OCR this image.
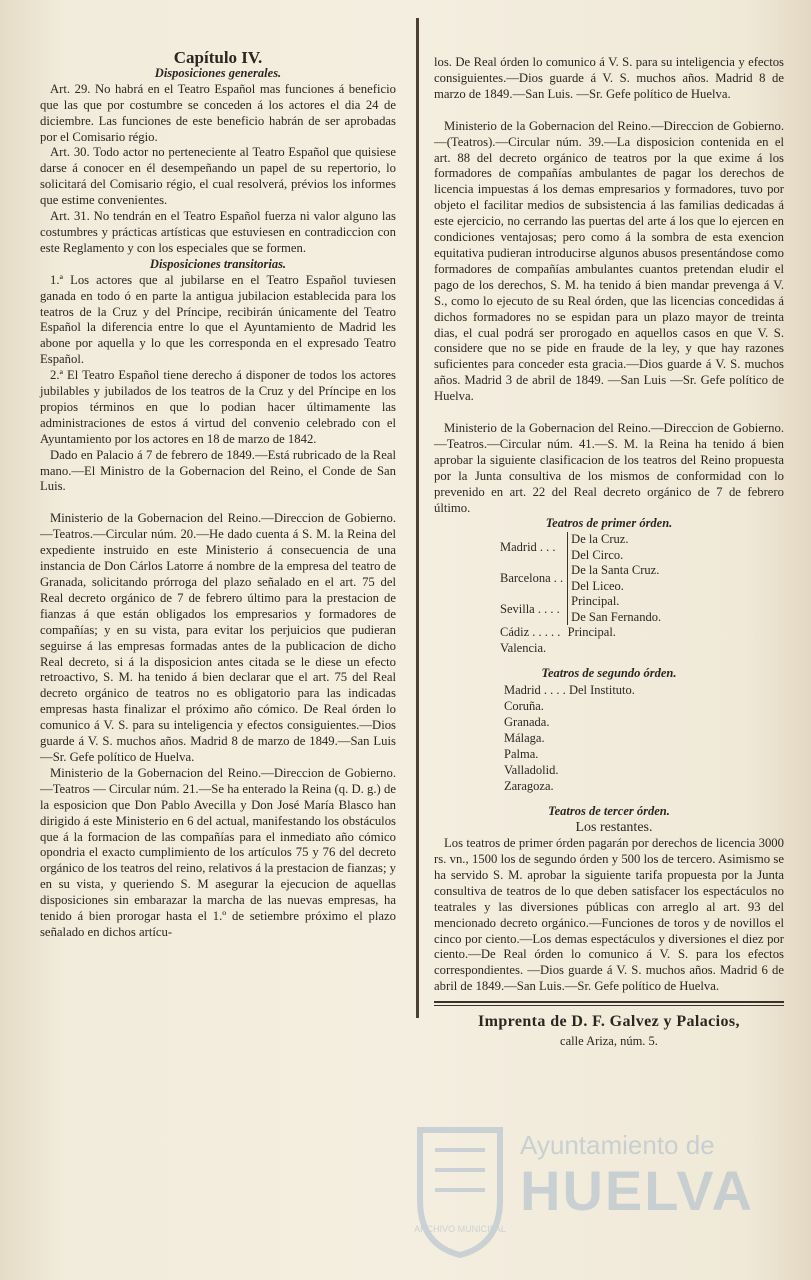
Capítulo IV.

Disposiciones generales.

Art. 29. No habrá en el Teatro Español mas funciones á beneficio que las que por costumbre se conceden á los actores el dia 24 de diciembre. Las funciones de este beneficio habrán de ser aprobadas por el Comisario régio.

Art. 30. Todo actor no perteneciente al Teatro Español que quisiese darse á conocer en él desempeñando un papel de su repertorio, lo solicitará del Comisario régio, el cual resolverá, prévios los informes que estime convenientes.

Art. 31. No tendrán en el Teatro Español fuerza ni valor alguno las costumbres y prácticas artísticas que estuviesen en contradiccion con este Reglamento y con los especiales que se formen.

Disposiciones transitorias.

1.ª Los actores que al jubilarse en el Teatro Español tuviesen ganada en todo ó en parte la antigua jubilacion establecida para los teatros de la Cruz y del Príncipe, recibirán únicamente del Teatro Español la diferencia entre lo que el Ayuntamiento de Madrid les abone por aquella y lo que les corresponda en el expresado Teatro Español.

2.ª El Teatro Español tiene derecho á disponer de todos los actores jubilables y jubilados de los teatros de la Cruz y del Príncipe en los propios términos en que lo podian hacer últimamente las administraciones de estos á virtud del convenio celebrado con el Ayuntamiento por los actores en 18 de marzo de 1842.

Dado en Palacio á 7 de febrero de 1849.—Está rubricado de la Real mano.—El Ministro de la Gobernacion del Reino, el Conde de San Luis.

Ministerio de la Gobernacion del Reino.—Direccion de Gobierno.—Teatros.—Circular núm. 20.—He dado cuenta á S. M. la Reina del expediente instruido en este Ministerio á consecuencia de una instancia de Don Cárlos Latorre á nombre de la empresa del teatro de Granada, solicitando prórroga del plazo señalado en el art. 75 del Real decreto orgánico de 7 de febrero último para la prestacion de fianzas á que están obligados los empresarios y formadores de compañías; y en su vista, para evitar los perjuicios que pudieran seguirse á las empresas formadas antes de la publicacion de dicho Real decreto, si á la disposicion antes citada se le diese un efecto retroactivo, S. M. ha tenido á bien declarar que el art. 75 del Real decreto orgánico de teatros no es obligatorio para las indicadas empresas hasta finalizar el próximo año cómico. De Real órden lo comunico á V. S. para su inteligencia y efectos consiguientes.—Dios guarde á V. S. muchos años. Madrid 8 de marzo de 1849.—San Luis —Sr. Gefe político de Huelva.

Ministerio de la Gobernacion del Reino.—Direccion de Gobierno.—Teatros — Circular núm. 21.—Se ha enterado la Reina (q. D. g.) de la esposicion que Don Pablo Avecilla y Don José María Blasco han dirigido á este Ministerio en 6 del actual, manifestando los obstáculos que á la formacion de las compañías para el inmediato año cómico opondria el exacto cumplimiento de los artículos 75 y 76 del decreto orgánico de los teatros del reino, relativos á la prestacion de fianzas; y en su vista, y queriendo S. M asegurar la ejecucion de aquellas disposiciones sin embarazar la marcha de las nuevas empresas, ha tenido á bien prorogar hasta el 1.º de setiembre próximo el plazo señalado en dichos artícu-

los. De Real órden lo comunico á V. S. para su inteligencia y efectos consiguientes.—Dios guarde á V. S. muchos años. Madrid 8 de marzo de 1849.—San Luis. —Sr. Gefe político de Huelva.

Ministerio de la Gobernacion del Reino.—Direccion de Gobierno.—(Teatros).—Circular núm. 39.—La disposicion contenida en el art. 88 del decreto orgánico de teatros por la que exime á los formadores de compañías ambulantes de pagar los derechos de licencia impuestas á los demas empresarios y formadores, tuvo por objeto el facilitar medios de subsistencia á las familias dedicadas á este ejercicio, no cerrando las puertas del arte á los que lo ejercen en condiciones ventajosas; pero como á la sombra de esta exencion equitativa pudieran introducirse algunos abusos presentándose como formadores de compañías ambulantes cuantos pretendan eludir el pago de los derechos, S. M. ha tenido á bien mandar prevenga á V. S., como lo ejecuto de su Real órden, que las licencias concedidas á dichos formadores no se espidan para un plazo mayor de treinta dias, el cual podrá ser prorogado en aquellos casos en que V. S. considere que no se pide en fraude de la ley, y que hay razones suficientes para conceder esta gracia.—Dios guarde á V. S. muchos años. Madrid 3 de abril de 1849. —San Luis —Sr. Gefe político de Huelva.

Ministerio de la Gobernacion del Reino.—Direccion de Gobierno.—Teatros.—Circular núm. 41.—S. M. la Reina ha tenido á bien aprobar la siguiente clasificacion de los teatros del Reino propuesta por la Junta consultiva de los mismos de conformidad con lo prevenido en art. 22 del Real decreto orgánico de 7 de febrero último.

Teatros de primer órden.

Madrid . . .	De la Cruz.
	Del Circo.
Barcelona . .	De la Santa Cruz.
	Del Liceo.
Sevilla . . . .	Principal.
	De San Fernando.
Cádiz . . . . .	Principal.
Valencia.	

Teatros de segundo órden.

Madrid . . . . Del Instituto.
Coruña.
Granada.
Málaga.
Palma.
Valladolid.
Zaragoza.

Teatros de tercer órden.

Los restantes.

Los teatros de primer órden pagarán por derechos de licencia 3000 rs. vn., 1500 los de segundo órden y 500 los de tercero. Asimismo se ha servido S. M. aprobar la siguiente tarifa propuesta por la Junta consultiva de teatros de lo que deben satisfacer los espectáculos no teatrales y las diversiones públicas con arreglo al art. 93 del mencionado decreto orgánico.—Funciones de toros y de novillos el cinco por ciento.—Los demas espectáculos y diversiones el diez por ciento.—De Real órden lo comunico á V. S. para los efectos correspondientes. —Dios guarde á V. S. muchos años. Madrid 6 de abril de 1849.—San Luis.—Sr. Gefe político de Huelva.

Imprenta de D. F. Galvez y Palacios,
calle Ariza, núm. 5.
ARCHIVO MUNICIPAL
Ayuntamiento de
HUELVA
